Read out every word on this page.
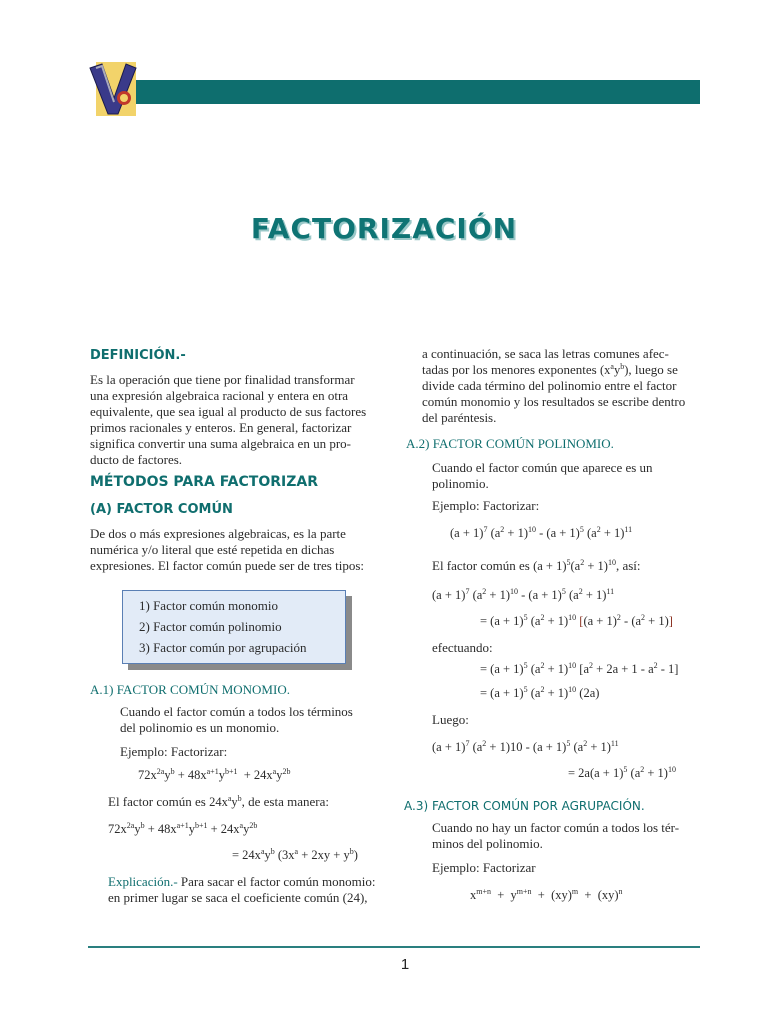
FACTORIZACIÓN
DEFINICIÓN.-
Es la operación que tiene por finalidad transformar
una expresión algebraica racional y entera en otra
equivalente, que sea igual al producto de sus factores
primos racionales y enteros. En general, factorizar
significa convertir una suma algebraica en un pro-
ducto de factores.
MÉTODOS PARA FACTORIZAR
(A) FACTOR COMÚN
De dos o más expresiones algebraicas, es la parte
numérica y/o literal que esté repetida en dichas
expresiones. El factor común puede ser de tres tipos:
1) Factor común monomio
2) Factor común polinomio
3) Factor común por agrupación
A.1) FACTOR COMÚN MONOMIO.
Cuando el factor común a todos los términos
del polinomio es un monomio.
Ejemplo: Factorizar:
$72x^{2a}y^b + 48x^{a+1}y^{b+1} + 24x^ay^{2b}$
El factor común es $24x^ay^b$, de esta manera:
$72x^{2a}y^b + 48x^{a+1}y^{b+1} + 24x^ay^{2b}$
= $24x^ay^b$ $(3x^a + 2xy + y^b)$
Explicación.- Para sacar el factor común monomio:
en primer lugar se saca el coeficiente común (24),
a continuación, se saca las letras comunes afec-
tadas por los menores exponentes $(x^ay^b)$, luego se
divide cada término del polinomio entre el factor
común monomio y los resultados se escribe dentro
del paréntesis.
A.2) FACTOR COMÚN POLINOMIO.
Cuando el factor común que aparece es un
polinomio.
Ejemplo: Factorizar:
$(a + 1)^7$ $(a^2 + 1)^{10} - (a + 1)^5$ $(a^2 + 1)^{11}$
El factor común es $(a + 1)^5(a^2 + 1)^{10}$, así:
$(a + 1)^7$ $(a^2 + 1)^{10} - (a + 1)^5$ $(a^2 + 1)^{11}$
= $(a + 1)^5$ $(a^2 + 1)^{10}$ $[(a + 1)^2 - (a^2 + 1)]$
efectuando:
= $(a + 1)^5$ $(a^2 + 1)^{10}$ $[a^2 + 2a + 1 - a^2 - 1]$
= $(a + 1)^5$ $(a^2 + 1)^{10}$ (2a)
Luego:
$(a + 1)^7$ $(a^2 + 1)10 - (a + 1)^5$ $(a^2 + 1)^{11}$
= $2a(a + 1)^5$ $(a^2 + 1)^{10}$
A.3) FACTOR COMÚN POR AGRUPACIÓN.
Cuando no hay un factor común a todos los tér-
minos del polinomio.
Ejemplo: Factorizar
$x^{m+n} + y^{m+n} + (xy)^m + (xy)^n$
1
